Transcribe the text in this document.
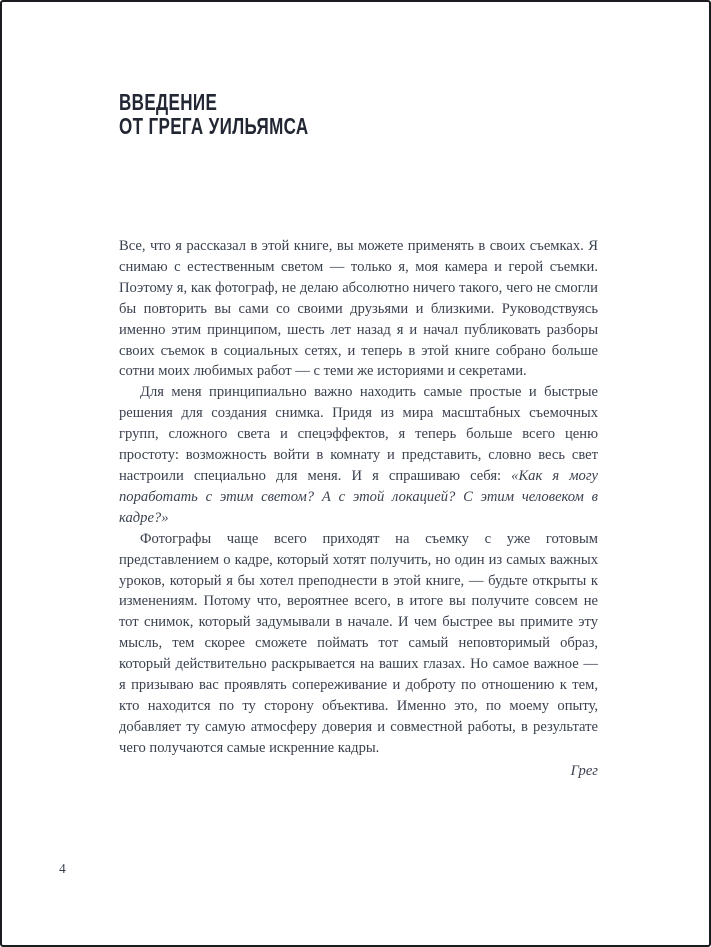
ВВЕДЕНИЕ
ОТ ГРЕГА УИЛЬЯМСА

Все, что я рассказал в этой книге, вы можете применять в своих съемках. Я снимаю с естественным светом — только я, моя камера и герой съемки. Поэтому я, как фотограф, не делаю абсолютно ничего такого, чего не смогли бы повторить вы сами со своими друзьями и близкими. Руководствуясь именно этим принципом, шесть лет назад я и начал публиковать разборы своих съемок в социальных сетях, и теперь в этой книге собрано больше сотни моих любимых работ — с теми же историями и секретами.

Для меня принципиально важно находить самые простые и быстрые решения для создания снимка. Придя из мира масштабных съемочных групп, сложного света и спецэффектов, я теперь больше всего ценю простоту: возможность войти в комнату и представить, словно весь свет настроили специально для меня. И я спрашиваю себя: «Как я могу поработать с этим светом? А с этой локацией? С этим человеком в кадре?»

Фотографы чаще всего приходят на съемку с уже готовым представлением о кадре, который хотят получить, но один из самых важных уроков, который я бы хотел преподнести в этой книге, — будьте открыты к изменениям. Потому что, вероятнее всего, в итоге вы получите совсем не тот снимок, который задумывали в начале. И чем быстрее вы примите эту мысль, тем скорее сможете поймать тот самый неповторимый образ, который действительно раскрывается на ваших глазах. Но самое важное — я призываю вас проявлять сопереживание и доброту по отношению к тем, кто находится по ту сторону объектива. Именно это, по моему опыту, добавляет ту самую атмосферу доверия и совместной работы, в результате чего получаются самые искренние кадры.

Грег
4
